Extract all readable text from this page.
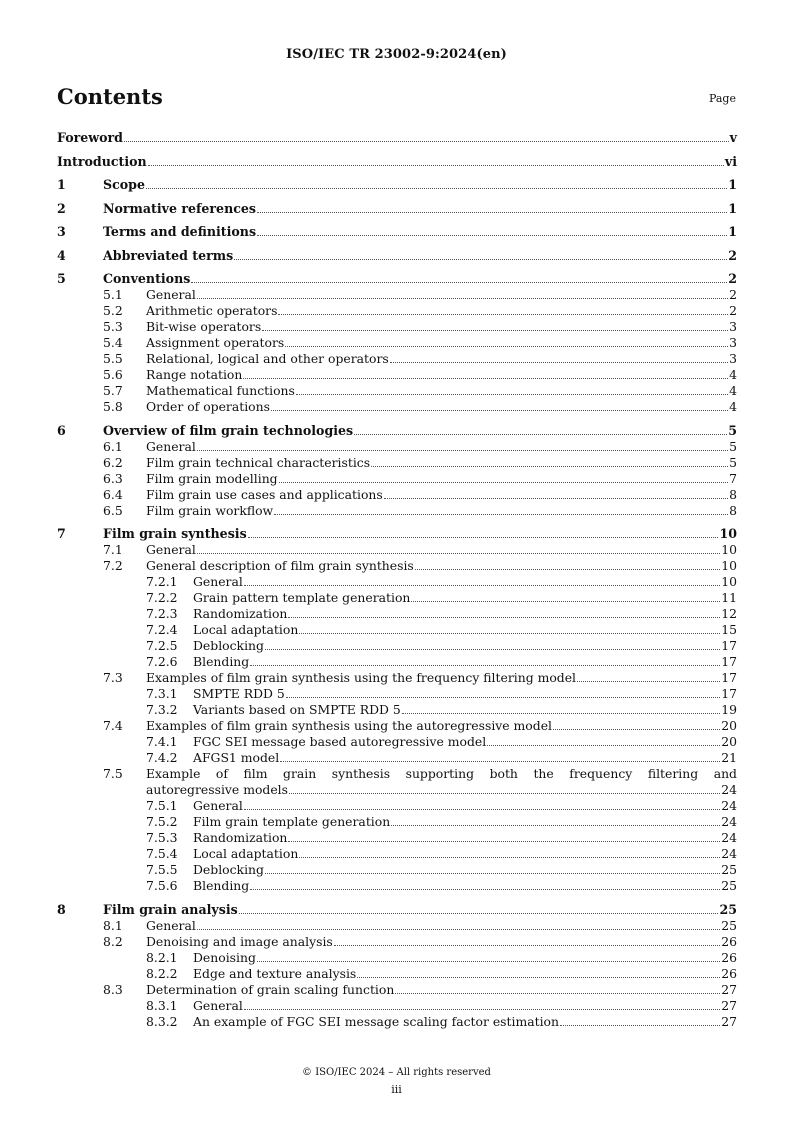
ISO/IEC TR 23002-9:2024(en)
Contents	Page
Foreword	v
Introduction	vi
1	Scope	1
2	Normative references	1
3	Terms and definitions	1
4	Abbreviated terms	2
5	Conventions	2
5.1	General	2
5.2	Arithmetic operators	2
5.3	Bit-wise operators	3
5.4	Assignment operators	3
5.5	Relational, logical and other operators	3
5.6	Range notation	4
5.7	Mathematical functions	4
5.8	Order of operations	4
6	Overview of film grain technologies	5
6.1	General	5
6.2	Film grain technical characteristics	5
6.3	Film grain modelling	7
6.4	Film grain use cases and applications	8
6.5	Film grain workflow	8
7	Film grain synthesis	10
7.1	General	10
7.2	General description of film grain synthesis	10
7.2.1	General	10
7.2.2	Grain pattern template generation	11
7.2.3	Randomization	12
7.2.4	Local adaptation	15
7.2.5	Deblocking	17
7.2.6	Blending	17
7.3	Examples of film grain synthesis using the frequency filtering model	17
7.3.1	SMPTE RDD 5	17
7.3.2	Variants based on SMPTE RDD 5	19
7.4	Examples of film grain synthesis using the autoregressive model	20
7.4.1	FGC SEI message based autoregressive model	20
7.4.2	AFGS1 model	21
7.5	Example of film grain synthesis supporting both the frequency filtering and
autoregressive models	24
7.5.1	General	24
7.5.2	Film grain template generation	24
7.5.3	Randomization	24
7.5.4	Local adaptation	24
7.5.5	Deblocking	25
7.5.6	Blending	25
8	Film grain analysis	25
8.1	General	25
8.2	Denoising and image analysis	26
8.2.1	Denoising	26
8.2.2	Edge and texture analysis	26
8.3	Determination of grain scaling function	27
8.3.1	General	27
8.3.2	An example of FGC SEI message scaling factor estimation	27
© ISO/IEC 2024 – All rights reserved
iii
